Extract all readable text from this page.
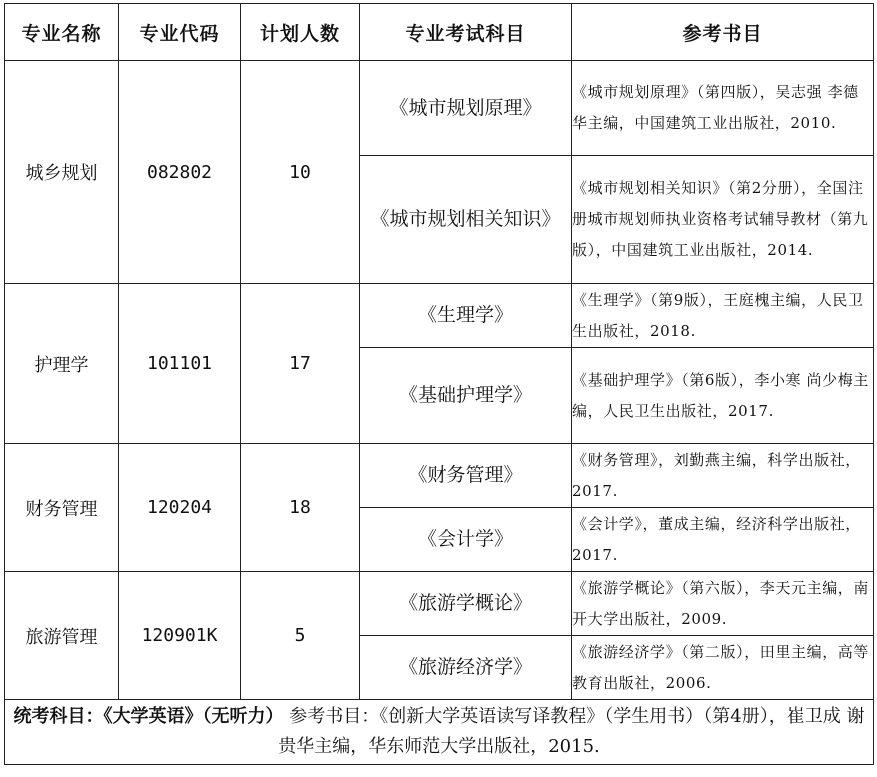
专业名称	专业代码	计划人数	专业考试科目	参考书目
城乡规划	082802	10	《城市规划原理》	《城市规划原理》（第四版），吴志强 李德华主编，中国建筑工业出版社，2010.
			《城市规划相关知识》	《城市规划相关知识》（第2分册），全国注册城市规划师执业资格考试辅导教材（第九版），中国建筑工业出版社，2014.
护理学	101101	17	《生理学》	《生理学》（第9版），王庭槐主编，人民卫生出版社，2018.
			《基础护理学》	《基础护理学》（第6版），李小寒 尚少梅主编，人民卫生出版社，2017.
财务管理	120204	18	《财务管理》	《财务管理》，刘勤燕主编，科学出版社，2017.
			《会计学》	《会计学》，董成主编，经济科学出版社，2017.
旅游管理	120901K	5	《旅游学概论》	《旅游学概论》（第六版），李天元主编，南开大学出版社，2009.
			《旅游经济学》	《旅游经济学》（第二版），田里主编，高等教育出版社，2006.
统考科目：《大学英语》（无听力） 参考书目：《创新大学英语读写译教程》（学生用书）（第4册），崔卫成 谢贵华主编，华东师范大学出版社，2015.				
